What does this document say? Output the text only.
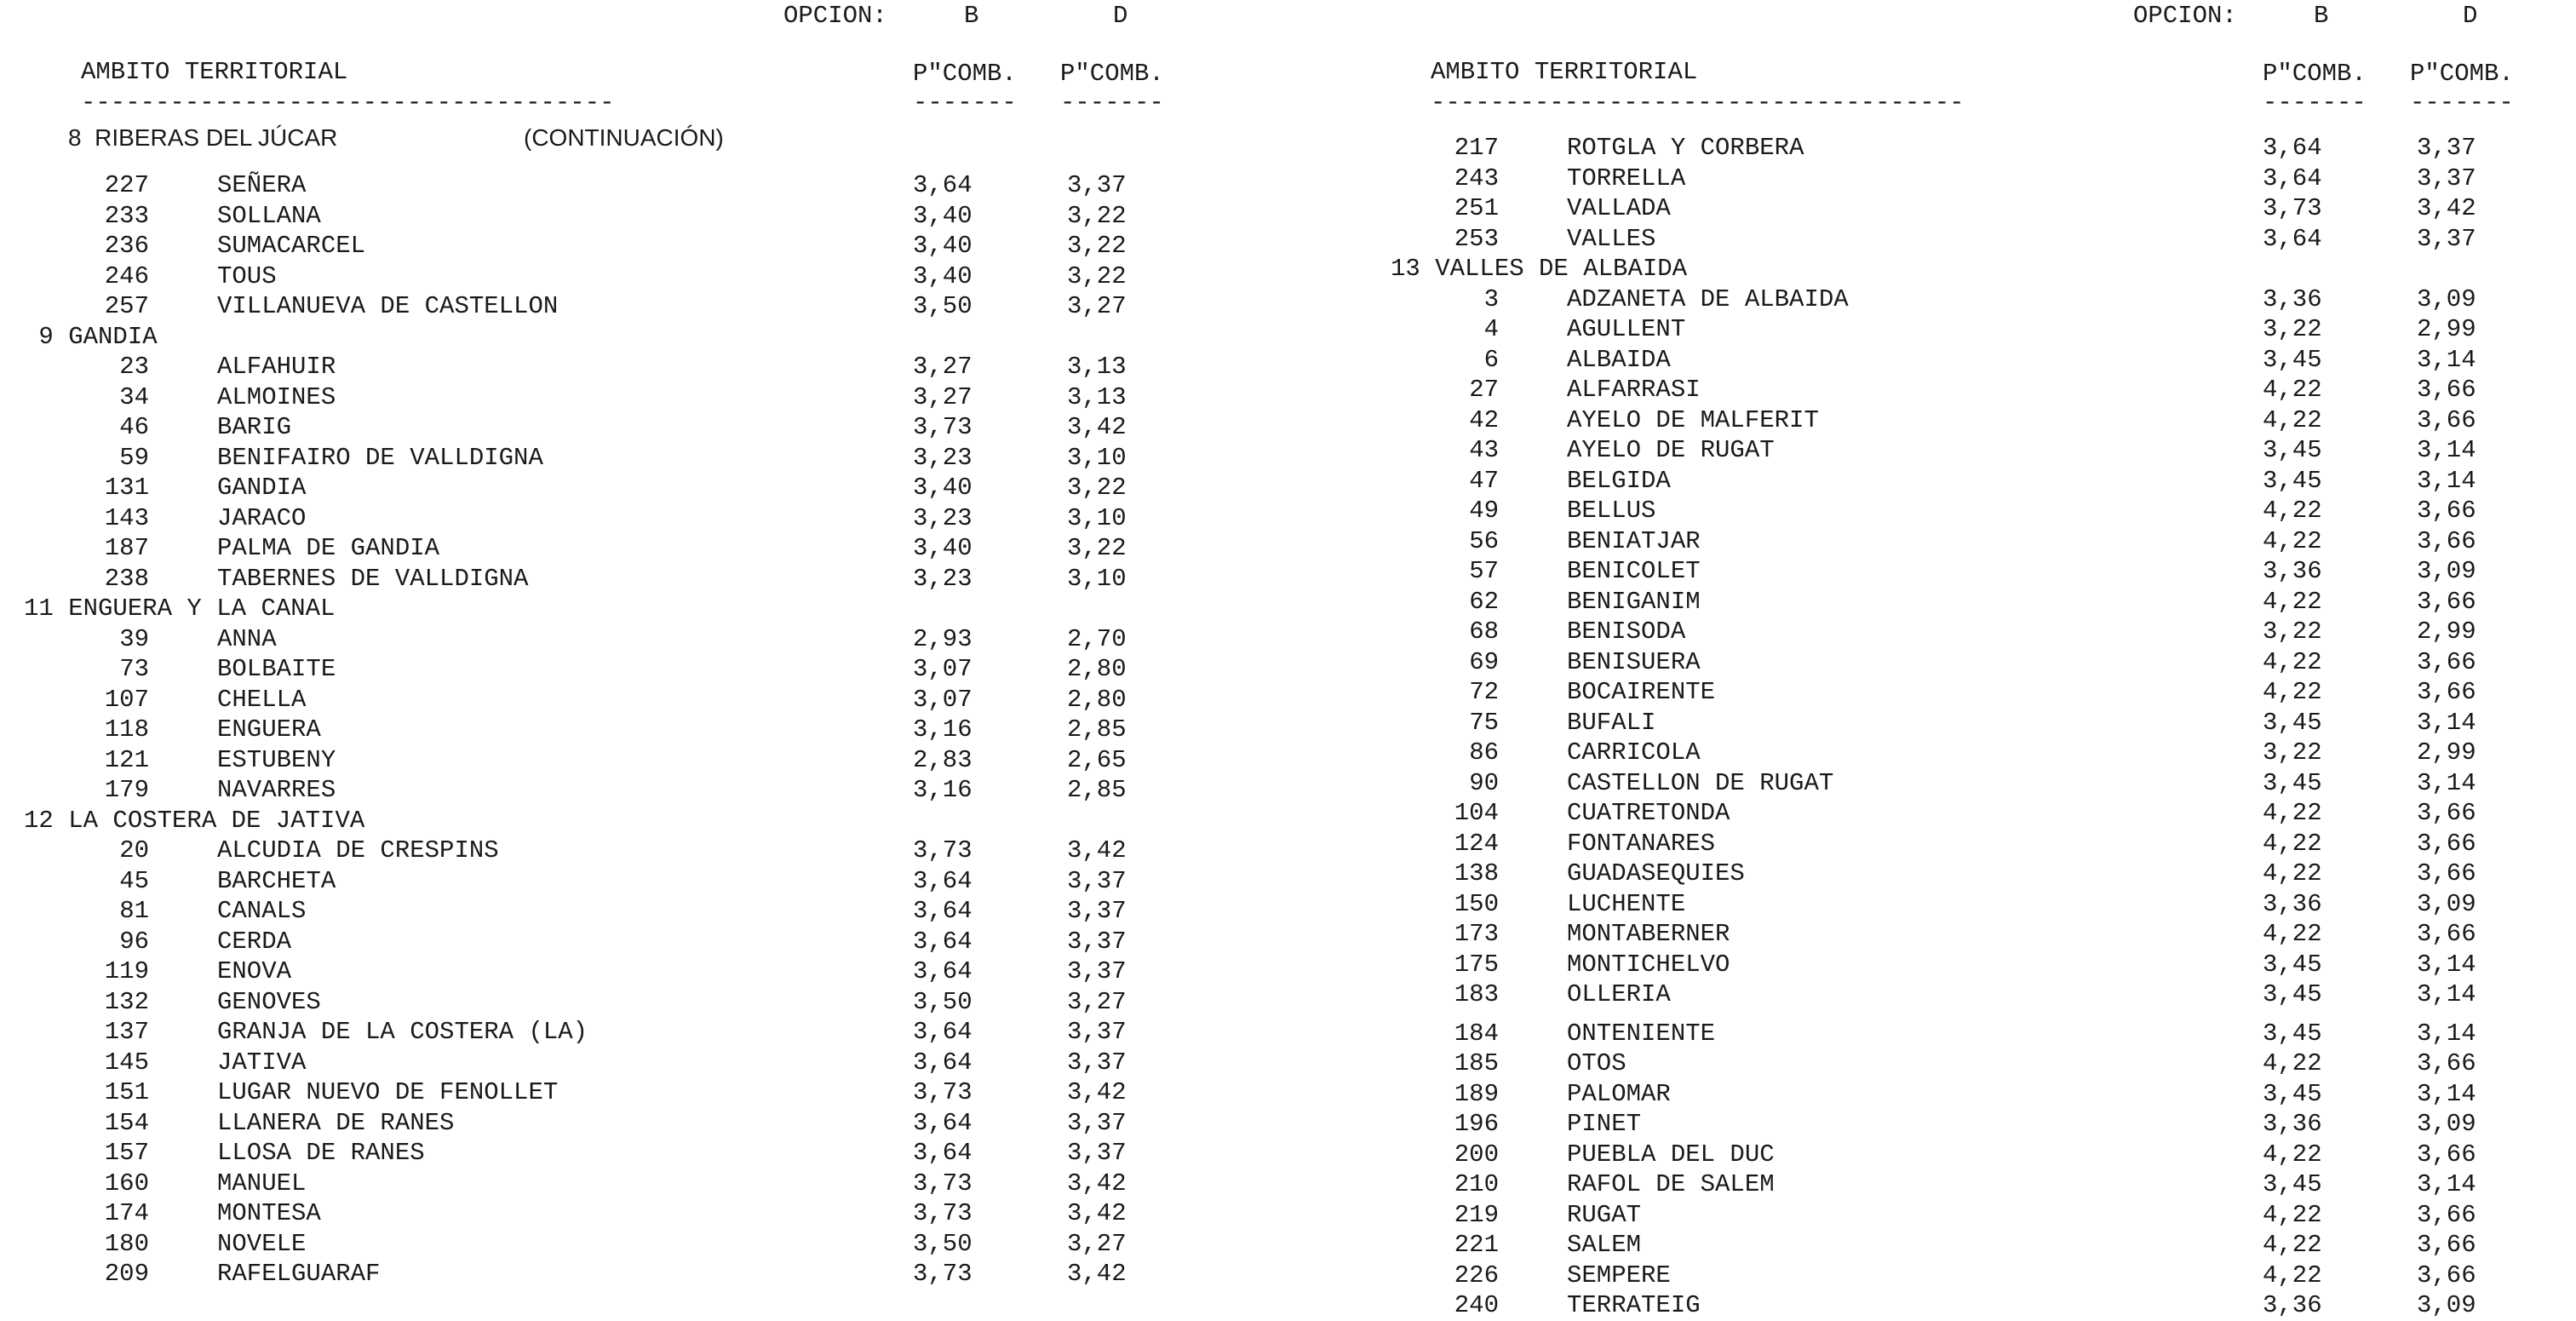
OPCION:	B	D
AMBITO TERRITORIAL
------------------------------------
P"COMB. P"COMB.
------- -------
8  RIBERAS DEL JÚCAR	(CONTINUACIÓN)
227	SEÑERA	3,64	3,37
233	SOLLANA	3,40	3,22
236	SUMACARCEL	3,40	3,22
246	TOUS	3,40	3,22
257	VILLANUEVA DE CASTELLON	3,50	3,27
9 GANDIA
23	ALFAHUIR	3,27	3,13
34	ALMOINES	3,27	3,13
46	BARIG	3,73	3,42
59	BENIFAIRO DE VALLDIGNA	3,23	3,10
131	GANDIA	3,40	3,22
143	JARACO	3,23	3,10
187	PALMA DE GANDIA	3,40	3,22
238	TABERNES DE VALLDIGNA	3,23	3,10
11 ENGUERA Y LA CANAL
39	ANNA	2,93	2,70
73	BOLBAITE	3,07	2,80
107	CHELLA	3,07	2,80
118	ENGUERA	3,16	2,85
121	ESTUBENY	2,83	2,65
179	NAVARRES	3,16	2,85
12 LA COSTERA DE JATIVA
20	ALCUDIA DE CRESPINS	3,73	3,42
45	BARCHETA	3,64	3,37
81	CANALS	3,64	3,37
96	CERDA	3,64	3,37
119	ENOVA	3,64	3,37
132	GENOVES	3,50	3,27
137	GRANJA DE LA COSTERA (LA)	3,64	3,37
145	JATIVA	3,64	3,37
151	LUGAR NUEVO DE FENOLLET	3,73	3,42
154	LLANERA DE RANES	3,64	3,37
157	LLOSA DE RANES	3,64	3,37
160	MANUEL	3,73	3,42
174	MONTESA	3,73	3,42
180	NOVELE	3,50	3,27
209	RAFELGUARAF	3,73	3,42
OPCION:	B	D
AMBITO TERRITORIAL
------------------------------------
P"COMB. P"COMB.
------- -------
217	ROTGLA Y CORBERA	3,64	3,37
243	TORRELLA	3,64	3,37
251	VALLADA	3,73	3,42
253	VALLES	3,64	3,37
13 VALLES DE ALBAIDA
3	ADZANETA DE ALBAIDA	3,36	3,09
4	AGULLENT	3,22	2,99
6	ALBAIDA	3,45	3,14
27	ALFARRASI	4,22	3,66
42	AYELO DE MALFERIT	4,22	3,66
43	AYELO DE RUGAT	3,45	3,14
47	BELGIDA	3,45	3,14
49	BELLUS	4,22	3,66
56	BENIATJAR	4,22	3,66
57	BENICOLET	3,36	3,09
62	BENIGANIM	4,22	3,66
68	BENISODA	3,22	2,99
69	BENISUERA	4,22	3,66
72	BOCAIRENTE	4,22	3,66
75	BUFALI	3,45	3,14
86	CARRICOLA	3,22	2,99
90	CASTELLON DE RUGAT	3,45	3,14
104	CUATRETONDA	4,22	3,66
124	FONTANARES	4,22	3,66
138	GUADASEQUIES	4,22	3,66
150	LUCHENTE	3,36	3,09
173	MONTABERNER	4,22	3,66
175	MONTICHELVO	3,45	3,14
183	OLLERIA	3,45	3,14
184	ONTENIENTE	3,45	3,14
185	OTOS	4,22	3,66
189	PALOMAR	3,45	3,14
196	PINET	3,36	3,09
200	PUEBLA DEL DUC	4,22	3,66
210	RAFOL DE SALEM	3,45	3,14
219	RUGAT	4,22	3,66
221	SALEM	4,22	3,66
226	SEMPERE	4,22	3,66
240	TERRATEIG	3,36	3,09
